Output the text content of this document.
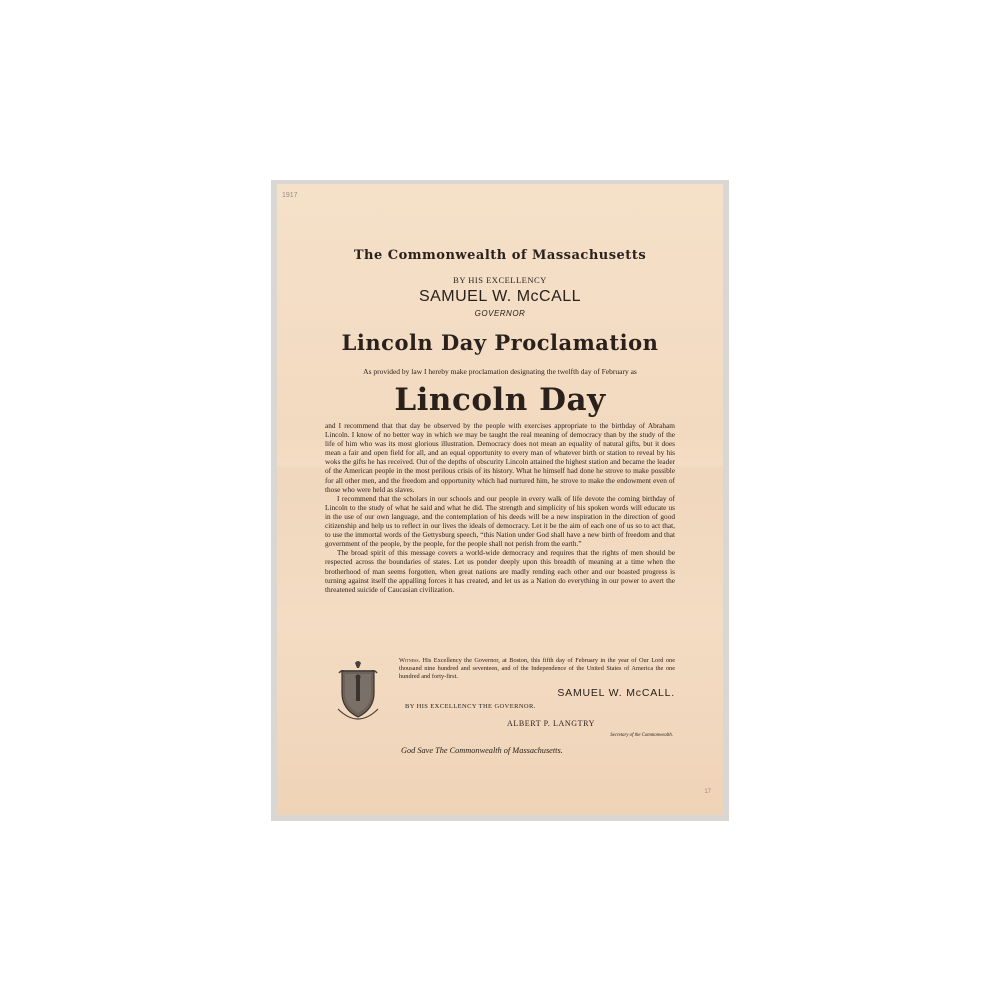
1917
The Commonwealth of Massachusetts
BY HIS EXCELLENCY
SAMUEL W. McCALL
GOVERNOR
Lincoln Day Proclamation
As provided by law I hereby make proclamation designating the twelfth day of February as
Lincoln Day

and I recommend that that day be observed by the people with exercises appropriate to the birthday of Abraham Lincoln. I know of no better way in which we may be taught the real meaning of democracy than by the study of the life of him who was its most glorious illustration. Democracy does not mean an equality of natural gifts, but it does mean a fair and open field for all, and an equal opportunity to every man of whatever birth or station to reveal by his woks the gifts he has received. Out of the depths of obscurity Lincoln attained the highest station and became the leader of the American people in the most perilous crisis of its history. What he himself had done he strove to make possible for all other men, and the freedom and opportunity which had nurtured him, he strove to make the endowment even of those who were held as slaves.

I recommend that the scholars in our schools and our people in every walk of life devote the coming birthday of Lincoln to the study of what he said and what he did. The strength and simplicity of his spoken words will educate us in the use of our own language, and the contemplation of his deeds will be a new inspiration in the direction of good citizenship and help us to reflect in our lives the ideals of democracy. Let it be the aim of each one of us so to act that, to use the immortal words of the Gettysburg speech, “this Nation under God shall have a new birth of freedom and that government of the people, by the people, for the people shall not perish from the earth.”

The broad spirit of this message covers a world-wide democracy and requires that the rights of men should be respected across the boundaries of states. Let us ponder deeply upon this breadth of meaning at a time when the brotherhood of man seems forgotten, when great nations are madly rending each other and our boasted progress is turning against itself the appalling forces it has created, and let us as a Nation do everything in our power to avert the threatened suicide of Caucasian civilization.

Witness. His Excellency the Governor, at Boston, this fifth day of February in the year of Our Lord one thousand nine hundred and seventeen, and of the Independence of the United States of America the one hundred and forty-first.
SAMUEL W. McCALL.
BY HIS EXCELLENCY THE GOVERNOR.
ALBERT P. LANGTRY
Secretary of the Commonwealth.
God Save The Commonwealth of Massachusetts.
17
